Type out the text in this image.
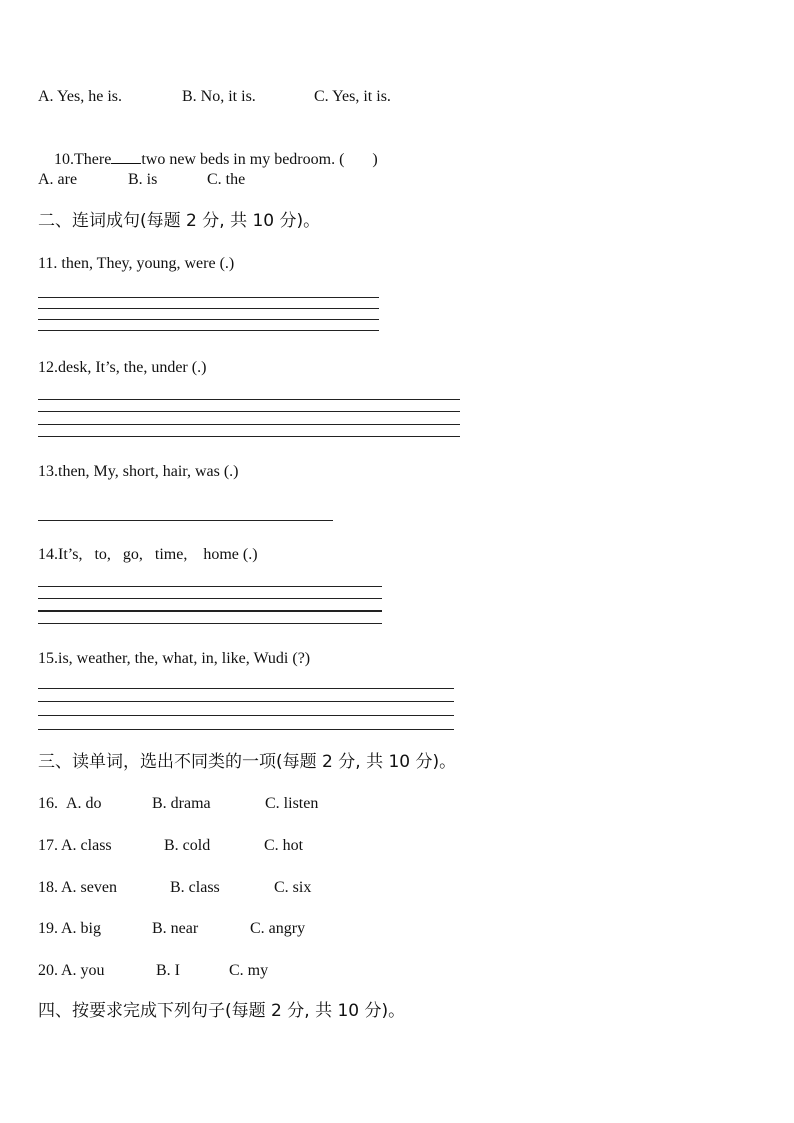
A. Yes, he is.

	B. No, it is.

	C. Yes, it is.

10.There two new beds in my bedroom. ( )

A. are

	B. is

	C. the

二、连词成句(每题 2 分, 共 10 分)。
11. then, They, young, were (.)
12.desk, It’s, the, under (.)
13.then, My, short, hair, was (.)
14.It’s,   to,   go,   time,    home (.)
15.is, weather, the, what, in, like, Wudi (?)
三、读单词，选出不同类的一项(每题 2 分, 共 10 分)。

16.

A. do

	B. drama

	C. listen

17.

A. class

	B. cold

	C. hot

18.

A. seven

	B. class

	C. six

19.

A. big

	B. near

	C. angry

20.

A. you

	B. I

	C. my

四、按要求完成下列句子(每题 2 分, 共 10 分)。
